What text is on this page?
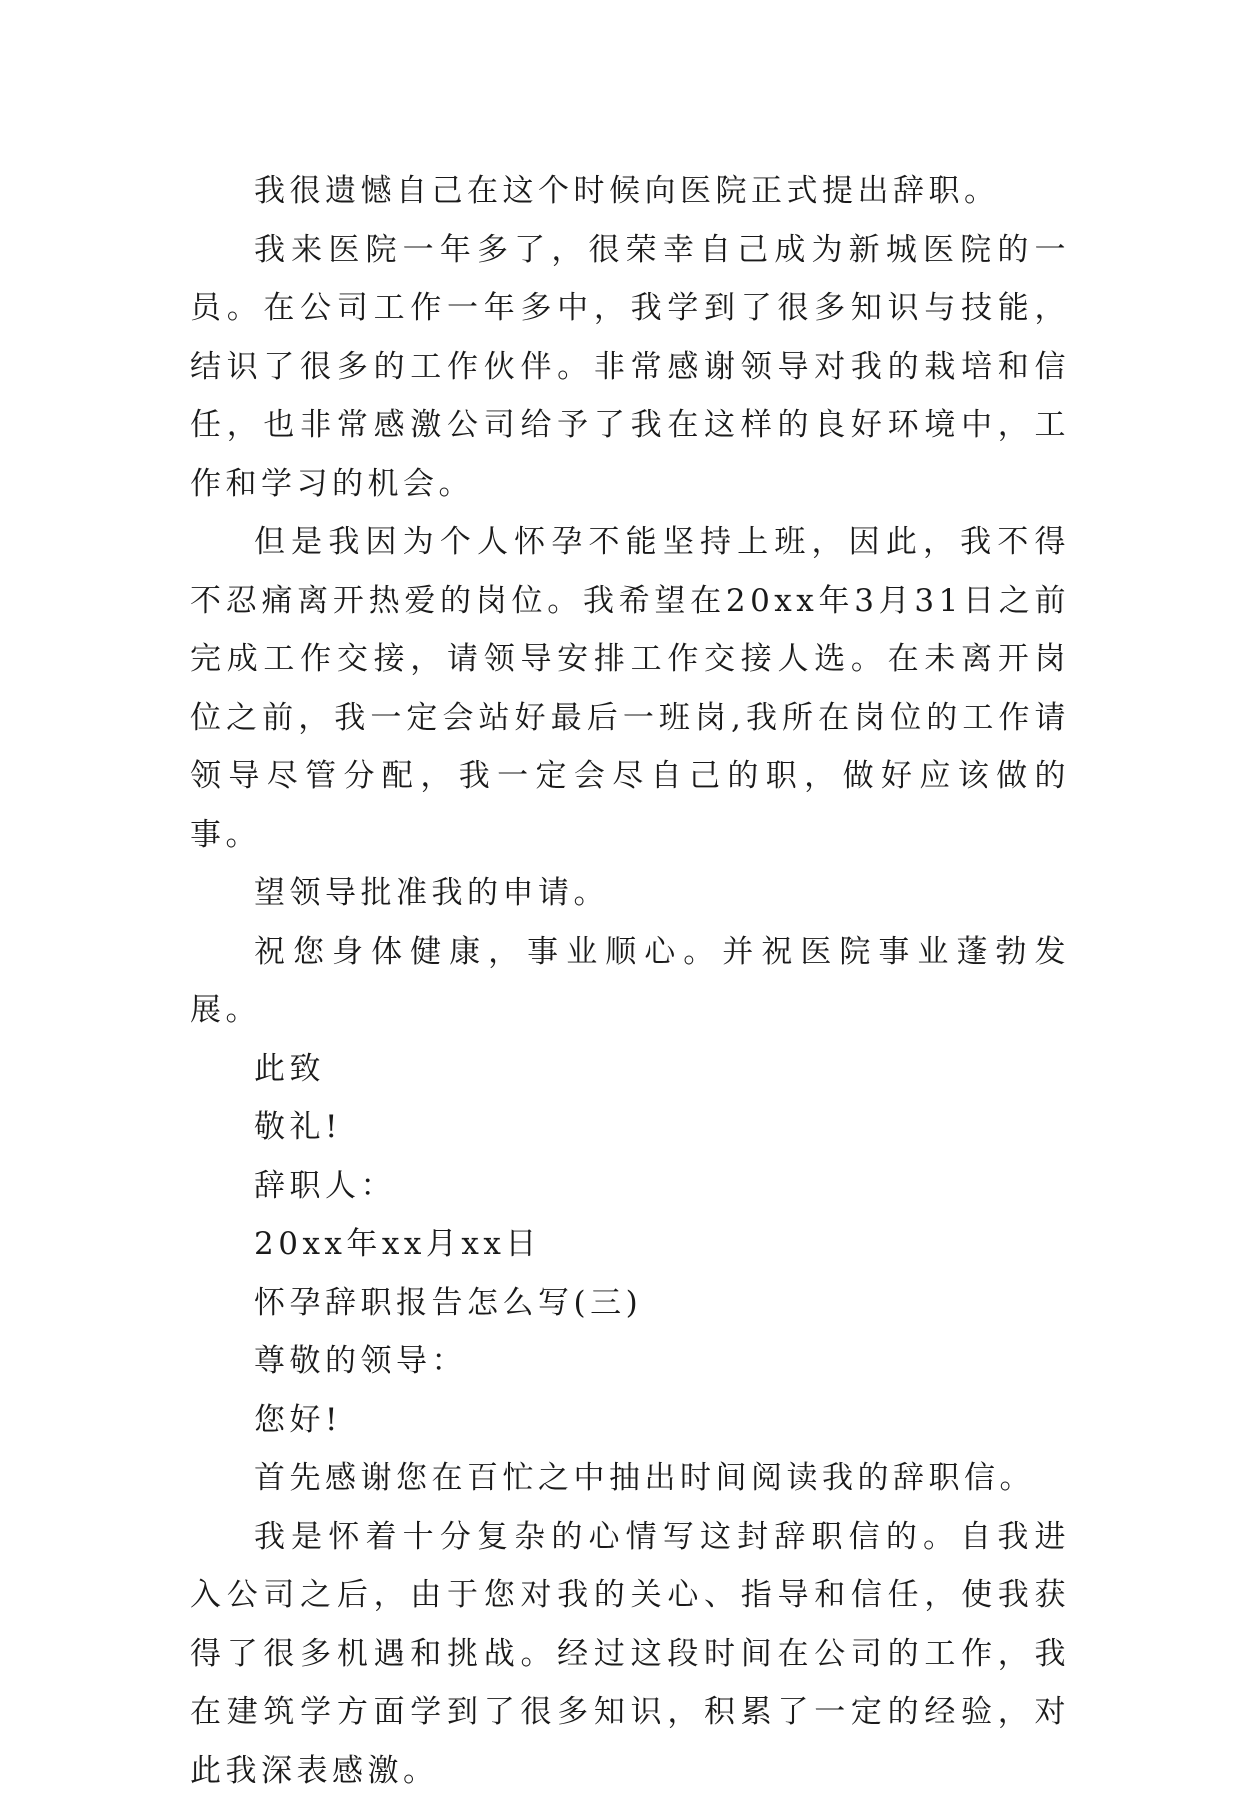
我很遗憾自己在这个时候向医院正式提出辞职。

我来医院一年多了，很荣幸自己成为新城医院的一员。在公司工作一年多中，我学到了很多知识与技能，结识了很多的工作伙伴。非常感谢领导对我的栽培和信任，也非常感激公司给予了我在这样的良好环境中，工作和学习的机会。

但是我因为个人怀孕不能坚持上班，因此，我不得不忍痛离开热爱的岗位。我希望在20xx年3月31日之前完成工作交接，请领导安排工作交接人选。在未离开岗位之前，我一定会站好最后一班岗,我所在岗位的工作请领导尽管分配，我一定会尽自己的职，做好应该做的事。

望领导批准我的申请。

祝您身体健康，事业顺心。并祝医院事业蓬勃发展。

此致

敬礼!

辞职人：

20xx年xx月xx日

怀孕辞职报告怎么写(三)

尊敬的领导：

您好!

首先感谢您在百忙之中抽出时间阅读我的辞职信。

我是怀着十分复杂的心情写这封辞职信的。自我进入公司之后，由于您对我的关心、指导和信任，使我获得了很多机遇和挑战。经过这段时间在公司的工作，我在建筑学方面学到了很多知识，积累了一定的经验，对此我深表感激。
